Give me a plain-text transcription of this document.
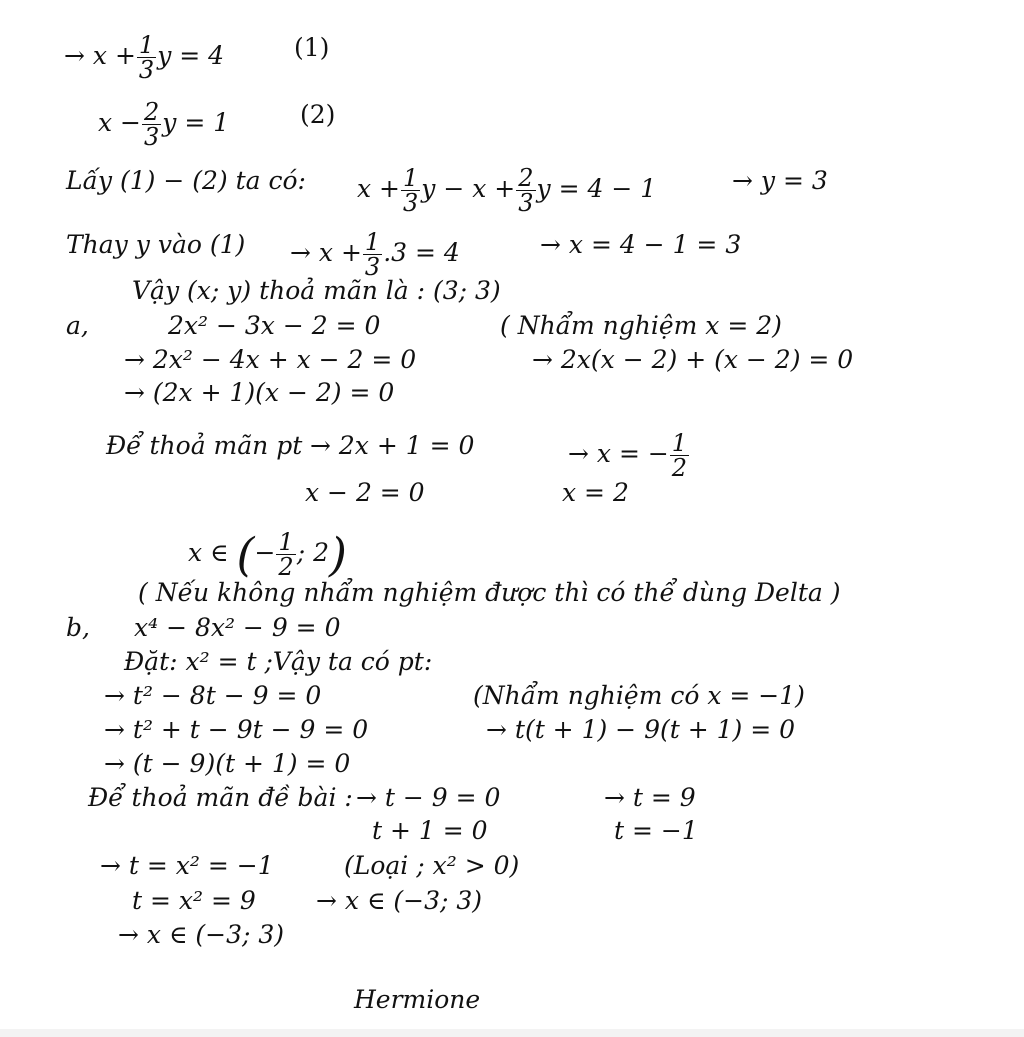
→ $x + \frac{1}{3}$ y = 4	(1)
$x - \frac{2}{3}$ y = 1	(2)
Lấy (1) − (2) ta có: $x + \frac{1}{3}$ $y - x + \frac{2}{3}$ y = 4 − 1	→ y = 3
Thay y vào $(1) \to x + \frac{1}{3} .3 = 4$	→ x = 4 − 1 = 3
Vậy (x; y) thoả mãn là : (3; 3)
a,	2x² − 3x − 2 = 0	( Nhẩm nghiệm x = 2)
→ 2x² − 4x + x − 2 = 0	→ 2x(x − 2) + (x − 2) = 0
→ (2x + 1)(x − 2) = 0
Để thoả mãn pt → 2x + 1 = 0	→ x = − $\frac{1}{2}$
x − 2 = 0	x = 2
x ∈ (− $\frac{1}{2}$ ; 2)
( Nếu không nhẩm nghiệm được thì có thể dùng Delta )
b, x⁴ − 8x² − 9 = 0
Đặt: x² = t ;Vậy ta có pt:
→ t² − 8t − 9 = 0	(Nhẩm nghiệm có x = −1)
→ t² + t − 9t − 9 = 0	→ t(t + 1) − 9(t + 1) = 0
→ (t − 9)(t + 1) = 0
Để thoả mãn đề bài : → t − 9 = 0	→ t = 9
t + 1 = 0	t = −1
→ t = x² = −1	(Loại ; x² > 0)
t = x² = 9 → x ∈ (−3; 3)
→ x ∈ (−3; 3)
Hermione
